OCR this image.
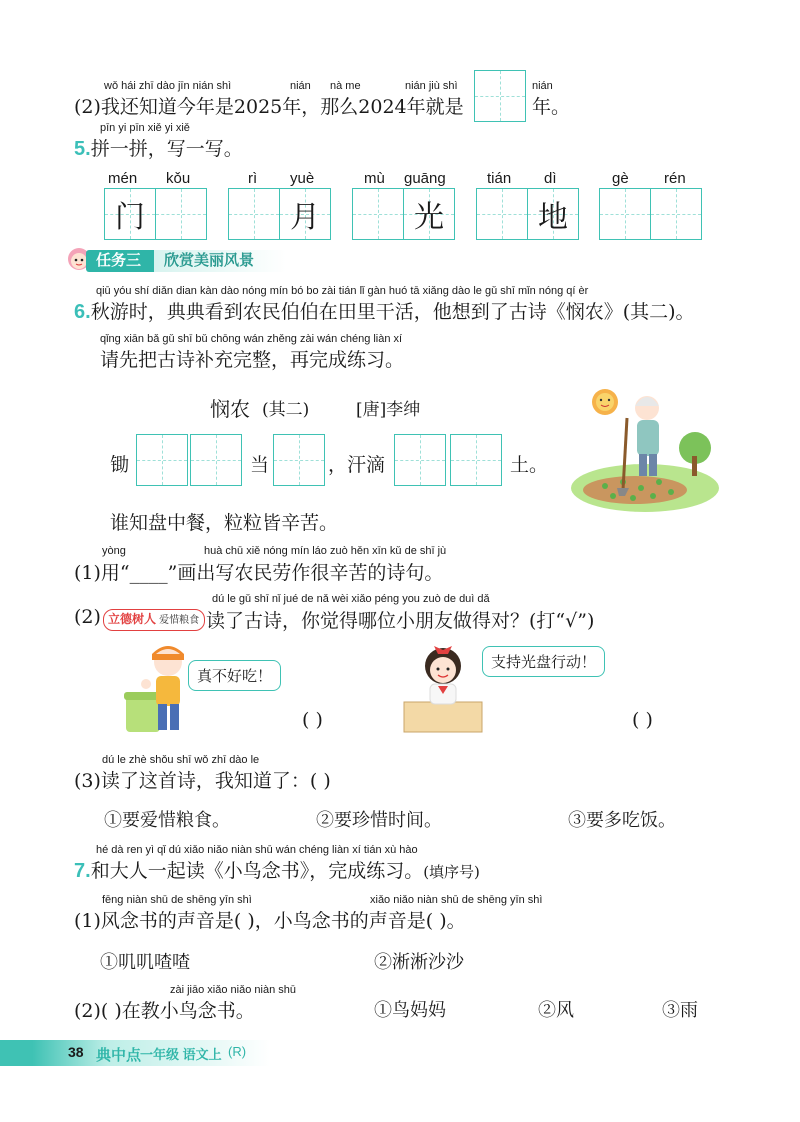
wǒ hái zhī dào jīn nián shì	nián nà me	nián jiù shì	nián
(2)我还知道今年是2025年，那么2024年就是	年。
pīn yi pīn xiě yi xiě
5.拼一拼，写一写。
mén kǒu	rì yuè	mù guāng	tián dì	gè rén
门	月	光	地
任务三	欣赏美丽风景
qiū yóu shí diǎn dian kàn dào nóng mín bó bo zài tián lǐ gàn huó tā xiǎng dào le gǔ shī mǐn nóng qí èr
6.秋游时，典典看到农民伯伯在田里干活，他想到了古诗《悯农》(其二)。
qǐng xiān bǎ gǔ shī bǔ chōng wán zhěng zài wán chéng liàn xí
请先把古诗补充完整，再完成练习。
悯农 (其二)	[唐]李绅
锄	当	，汗滴	土。
谁知盘中餐，粒粒皆辛苦。
yòng	huà chū xiě nóng mín láo zuò hěn xīn kǔ de shī jù
(1)用“____”画出写农民劳作很辛苦的诗句。
dú le gǔ shī nǐ jué de nǎ wèi xiǎo péng you zuò de duì dǎ
(2) 立德树人 爱惜粮食 读了古诗，你觉得哪位小朋友做得对？(打“√”)
真不好吃！
( )
支持光盘行动！
( )
dú le zhè shǒu shī wǒ zhī dào le
(3)读了这首诗，我知道了：( )
①要爱惜粮食。	②要珍惜时间。	③要多吃饭。
hé dà ren yì qǐ dú xiǎo niǎo niàn shū wán chéng liàn xí tián xù hào
7.和大人一起读《小鸟念书》，完成练习。(填序号)
fēng niàn shū de shēng yīn shì	xiǎo niǎo niàn shū de shēng yīn shì
(1)风念书的声音是( )，小鸟念书的声音是( )。
①叽叽喳喳	②淅淅沙沙
zài jiāo xiǎo niǎo niàn shū
(2)( )在教小鸟念书。	①鸟妈妈	②风	③雨
38 典中点
一年级 语文上 (R)
